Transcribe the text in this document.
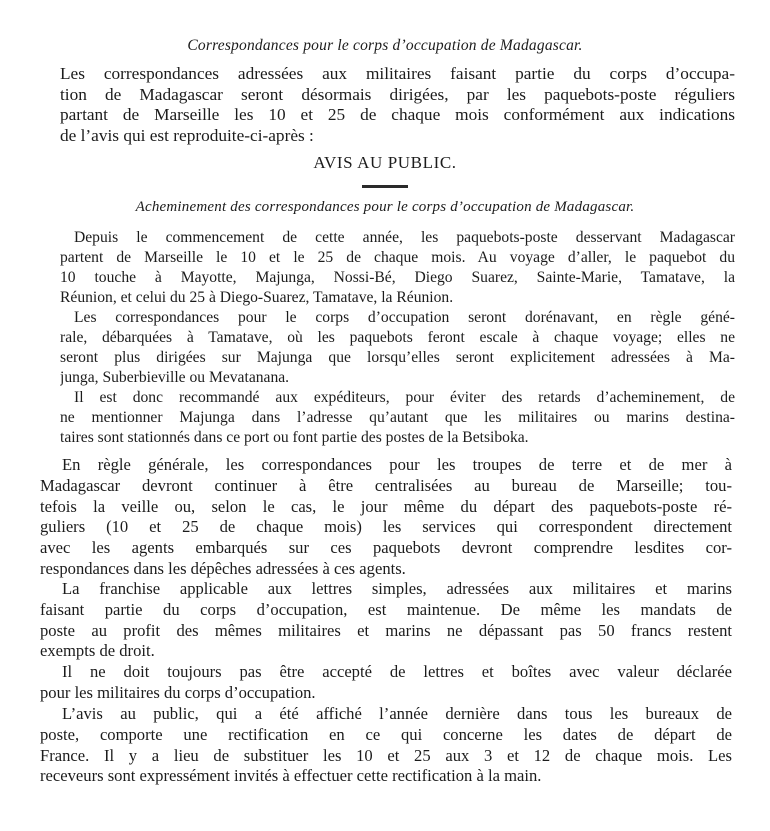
Correspondances pour le corps d’occupation de Madagascar.
Les correspondances adressées aux militaires faisant partie du corps d’occupa-
tion de Madagascar seront désormais dirigées, par les paquebots-poste réguliers
partant de Marseille les 10 et 25 de chaque mois conformément aux indications
de l’avis qui est reproduite-ci-après :
AVIS AU PUBLIC.
Acheminement des correspondances pour le corps d’occupation de Madagascar.
Depuis le commencement de cette année, les paquebots-poste desservant Madagascar
partent de Marseille le 10 et le 25 de chaque mois. Au voyage d’aller, le paquebot du
10 touche à Mayotte, Majunga, Nossi-Bé, Diego Suarez, Sainte-Marie, Tamatave, la
Réunion, et celui du 25 à Diego-Suarez, Tamatave, la Réunion.
Les correspondances pour le corps d’occupation seront dorénavant, en règle géné-
rale, débarquées à Tamatave, où les paquebots feront escale à chaque voyage; elles ne
seront plus dirigées sur Majunga que lorsqu’elles seront explicitement adressées à Ma-
junga, Suberbieville ou Mevatanana.
Il est donc recommandé aux expéditeurs, pour éviter des retards d’acheminement, de
ne mentionner Majunga dans l’adresse qu’autant que les militaires ou marins destina-
taires sont stationnés dans ce port ou font partie des postes de la Betsiboka.
En règle générale, les correspondances pour les troupes de terre et de mer à
Madagascar devront continuer à être centralisées au bureau de Marseille; tou-
tefois la veille ou, selon le cas, le jour même du départ des paquebots-poste ré-
guliers (10 et 25 de chaque mois) les services qui correspondent directement
avec les agents embarqués sur ces paquebots devront comprendre lesdites cor-
respondances dans les dépêches adressées à ces agents.
La franchise applicable aux lettres simples, adressées aux militaires et marins
faisant partie du corps d’occupation, est maintenue. De même les mandats de
poste au profit des mêmes militaires et marins ne dépassant pas 50 francs restent
exempts de droit.
Il ne doit toujours pas être accepté de lettres et boîtes avec valeur déclarée
pour les militaires du corps d’occupation.
L’avis au public, qui a été affiché l’année dernière dans tous les bureaux de
poste, comporte une rectification en ce qui concerne les dates de départ de
France. Il y a lieu de substituer les 10 et 25 aux 3 et 12 de chaque mois. Les
receveurs sont expressément invités à effectuer cette rectification à la main.
